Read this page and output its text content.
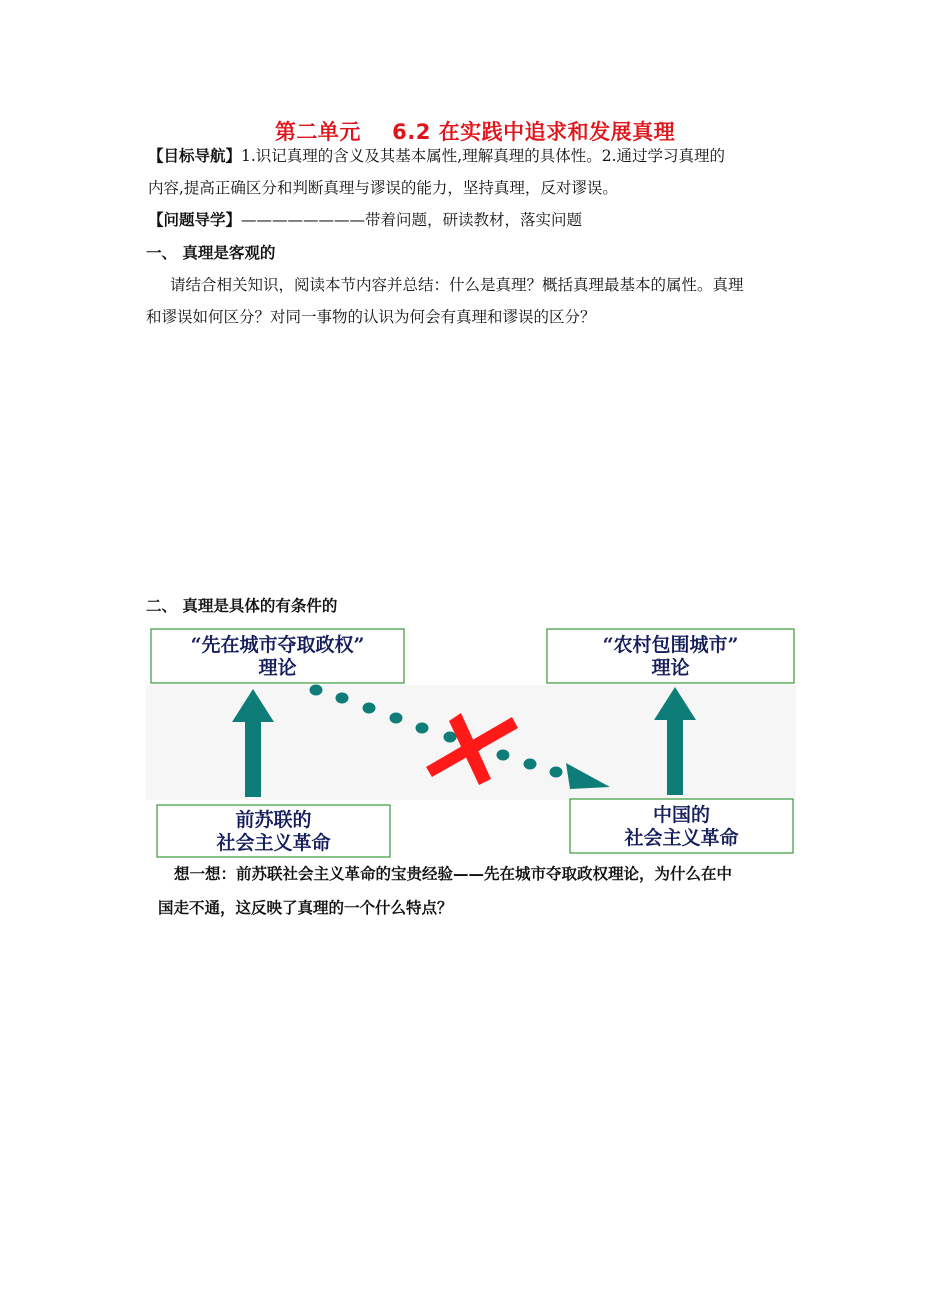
第二单元    6.2 在实践中追求和发展真理
【目标导航】1.识记真理的含义及其基本属性,理解真理的具体性。2.通过学习真理的
内容,提高正确区分和判断真理与谬误的能力，坚持真理，反对谬误。
【问题导学】————————带着问题，研读教材，落实问题
一、 真理是客观的
请结合相关知识，阅读本节内容并总结：什么是真理？概括真理最基本的属性。真理
和谬误如何区分？对同一事物的认识为何会有真理和谬误的区分？
二、 真理是具体的有条件的
“先在城市夺取政权”
理论
“农村包围城市”
理论
前苏联的
社会主义革命
中国的
社会主义革命
想一想：前苏联社会主义革命的宝贵经验——先在城市夺取政权理论，为什么在中
国走不通，这反映了真理的一个什么特点？
